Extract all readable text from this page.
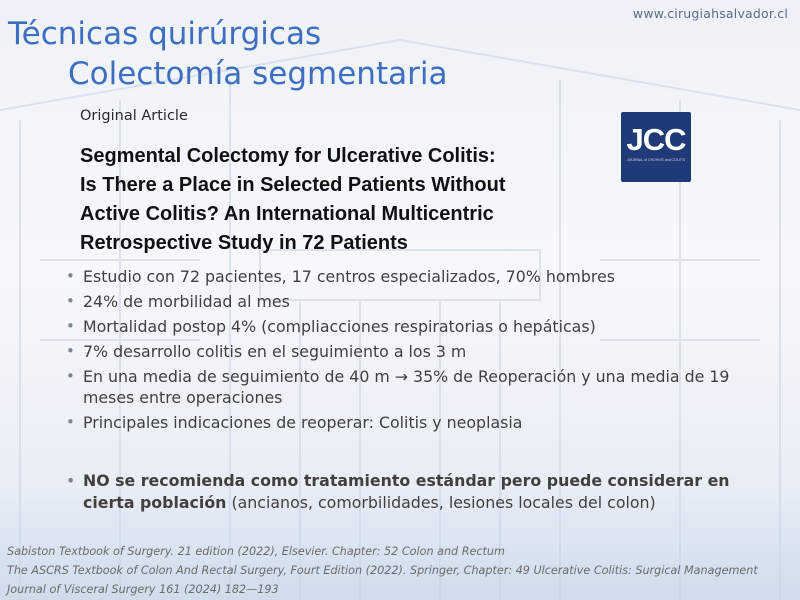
www.cirugiahsalvador.cl
Técnicas quirúrgicas
Colectomía segmentaria
Original Article
Segmental Colectomy for Ulcerative Colitis:
Is There a Place in Selected Patients Without
Active Colitis? An International Multicentric
Retrospective Study in 72 Patients
JCC
JOURNAL of CROHN'S and COLITIS
• Estudio con 72 pacientes, 17 centros especializados, 70% hombres
• 24% de morbilidad al mes
• Mortalidad postop 4% (compliacciones respiratorias o hepáticas)
• 7% desarrollo colitis en el seguimiento a los 3 m
• En una media de seguimiento de 40 m → 35% de Reoperación y una media de 19 meses entre operaciones
• Principales indicaciones de reoperar: Colitis y neoplasia
• NO se recomienda como tratamiento estándar pero puede considerar en cierta población (ancianos, comorbilidades, lesiones locales del colon)
Sabiston Textbook of Surgery. 21 edition (2022), Elsevier. Chapter: 52 Colon and Rectum
The ASCRS Textbook of Colon And Rectal Surgery, Fourt Edition (2022). Springer, Chapter: 49 Ulcerative Colitis: Surgical Management
Journal of Visceral Surgery 161 (2024) 182—193
